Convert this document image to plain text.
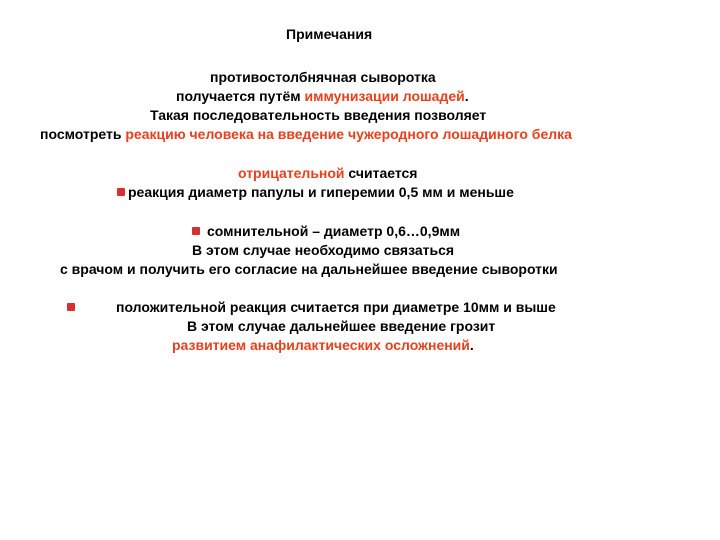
Примечания
противостолбнячная сыворотка
получается путём иммунизации лошадей.
Такая последовательность введения позволяет
посмотреть реакцию человека на введение чужеродного лошадиного белка
отрицательной считается
реакция диаметр папулы и гиперемии 0,5 мм и меньше
сомнительной – диаметр 0,6…0,9мм
В этом случае необходимо связаться
с врачом и получить его согласие на дальнейшее введение сыворотки
положительной реакция считается при диаметре 10мм и выше
В этом случае дальнейшее введение грозит
развитием анафилактических осложнений.
